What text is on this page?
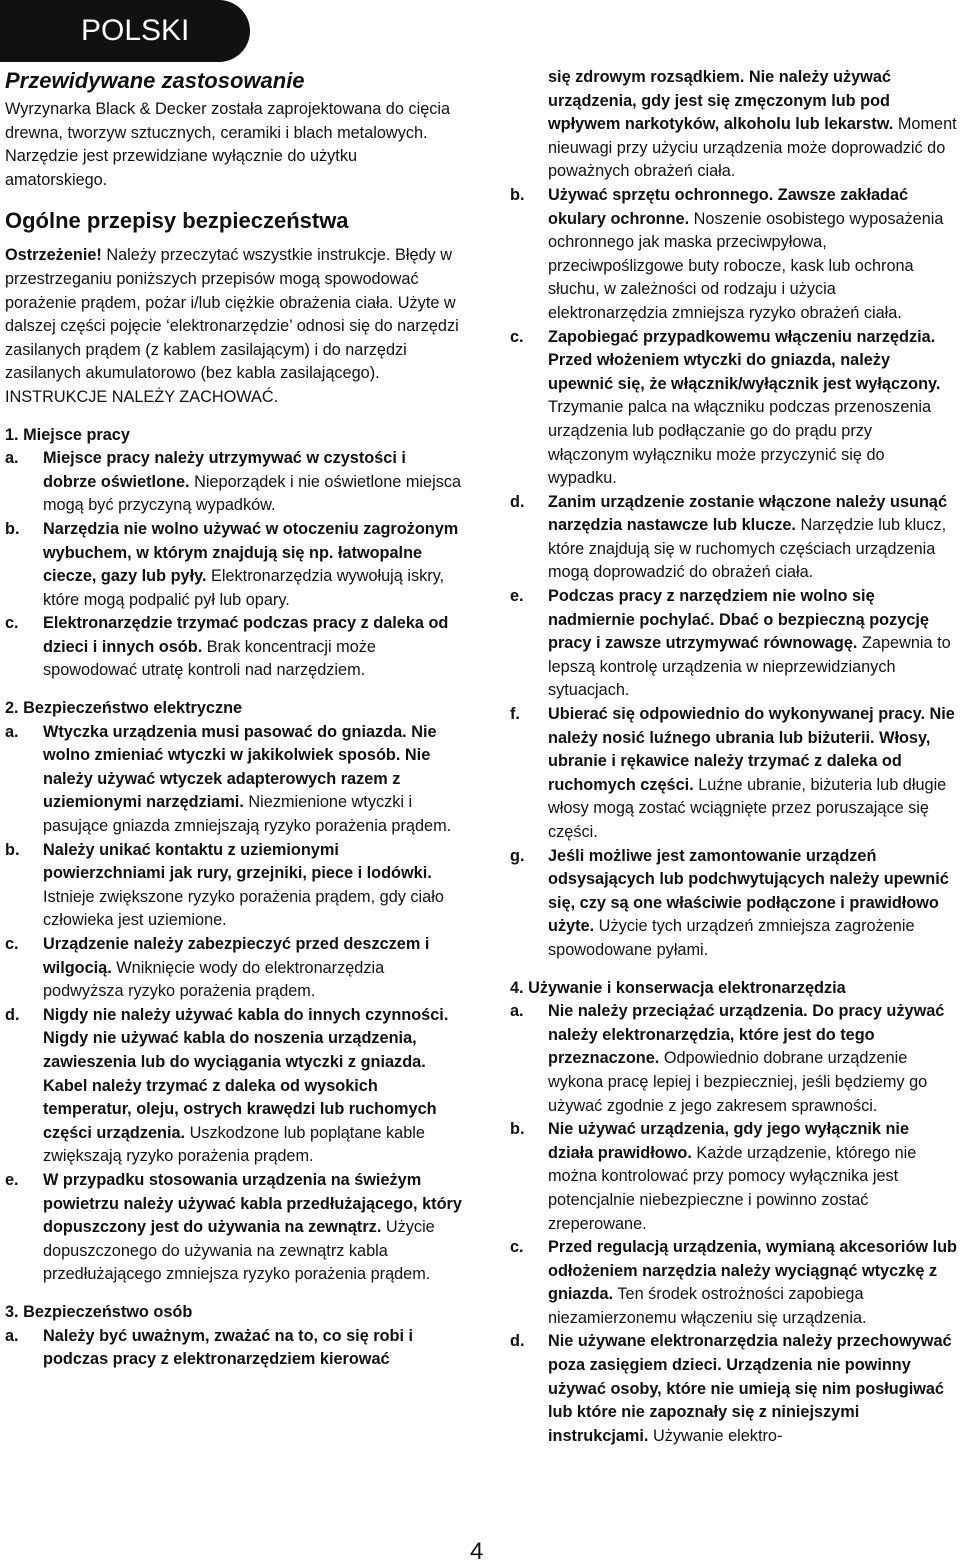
POLSKI
Przewidywane zastosowanie

Wyrzynarka Black & Decker została zaprojektowana do cięcia drewna, tworzyw sztucznych, ceramiki i blach metalowych. Narzędzie jest przewidziane wyłącznie do użytku amatorskiego.

Ogólne przepisy bezpieczeństwa

Ostrzeżenie! Należy przeczytać wszystkie instrukcje. Błędy w przestrzeganiu poniższych przepisów mogą spowodować porażenie prądem, pożar i/lub ciężkie obrażenia ciała. Użyte w dalszej części pojęcie ‘elektronarzędzie’ odnosi się do narzędzi zasilanych prądem (z kablem zasilającym) i do narzędzi zasilanych akumulatorowo (bez kabla zasilającego).

INSTRUKCJE NALEŻY ZACHOWAĆ.

1. Miejsce pracy

a. Miejsce pracy należy utrzymywać w czystości i dobrze oświetlone. Nieporządek i nie oświetlone miejsca mogą być przyczyną wypadków.
b. Narzędzia nie wolno używać w otoczeniu zagrożonym wybuchem, w którym znajdują się np. łatwopalne ciecze, gazy lub pyły. Elektronarzędzia wywołują iskry, które mogą podpalić pył lub opary.
c. Elektronarzędzie trzymać podczas pracy z daleka od dzieci i innych osób. Brak koncentracji może spowodować utratę kontroli nad narzędziem.

2. Bezpieczeństwo elektryczne

a. Wtyczka urządzenia musi pasować do gniazda. Nie wolno zmieniać wtyczki w jakikolwiek sposób. Nie należy używać wtyczek adapterowych razem z uziemionymi narzędziami. Niezmienione wtyczki i pasujące gniazda zmniejszają ryzyko porażenia prądem.
b. Należy unikać kontaktu z uziemionymi powierzchniami jak rury, grzejniki, piece i lodówki. Istnieje zwiększone ryzyko porażenia prądem, gdy ciało człowieka jest uziemione.
c. Urządzenie należy zabezpieczyć przed deszczem i wilgocią. Wniknięcie wody do elektronarzędzia podwyższa ryzyko porażenia prądem.
d. Nigdy nie należy używać kabla do innych czynności. Nigdy nie używać kabla do noszenia urządzenia, zawieszenia lub do wyciągania wtyczki z gniazda. Kabel należy trzymać z daleka od wysokich temperatur, oleju, ostrych krawędzi lub ruchomych części urządzenia. Uszkodzone lub poplątane kable zwiększają ryzyko porażenia prądem.
e. W przypadku stosowania urządzenia na świeżym powietrzu należy używać kabla przedłużającego, który dopuszczony jest do używania na zewnątrz. Użycie dopuszczonego do używania na zewnątrz kabla przedłużającego zmniejsza ryzyko porażenia prądem.

3. Bezpieczeństwo osób

a. Należy być uważnym, zważać na to, co się robi i podczas pracy z elektronarzędziem kierować
się zdrowym rozsądkiem. Nie należy używać urządzenia, gdy jest się zmęczonym lub pod wpływem narkotyków, alkoholu lub lekarstw. Moment nieuwagi przy użyciu urządzenia może doprowadzić do poważnych obrażeń ciała.
b. Używać sprzętu ochronnego. Zawsze zakładać okulary ochronne. Noszenie osobistego wyposażenia ochronnego jak maska przeciwpyłowa, przeciwpoślizgowe buty robocze, kask lub ochrona słuchu, w zależności od rodzaju i użycia elektronarzędzia zmniejsza ryzyko obrażeń ciała.
c. Zapobiegać przypadkowemu włączeniu narzędzia. Przed włożeniem wtyczki do gniazda, należy upewnić się, że włącznik/wyłącznik jest wyłączony. Trzymanie palca na włączniku podczas przenoszenia urządzenia lub podłączanie go do prądu przy włączonym wyłączniku może przyczynić się do wypadku.
d. Zanim urządzenie zostanie włączone należy usunąć narzędzia nastawcze lub klucze. Narzędzie lub klucz, które znajdują się w ruchomych częściach urządzenia mogą doprowadzić do obrażeń ciała.
e. Podczas pracy z narzędziem nie wolno się nadmiernie pochylać. Dbać o bezpieczną pozycję pracy i zawsze utrzymywać równowagę. Zapewnia to lepszą kontrolę urządzenia w nieprzewidzianych sytuacjach.
f. Ubierać się odpowiednio do wykonywanej pracy. Nie należy nosić luźnego ubrania lub biżuterii. Włosy, ubranie i rękawice należy trzymać z daleka od ruchomych części. Luźne ubranie, biżuteria lub długie włosy mogą zostać wciągnięte przez poruszające się części.
g. Jeśli możliwe jest zamontowanie urządzeń odsysających lub podchwytujących należy upewnić się, czy są one właściwie podłączone i prawidłowo użyte. Użycie tych urządzeń zmniejsza zagrożenie spowodowane pyłami.

4. Używanie i konserwacja elektronarzędzia

a. Nie należy przeciążać urządzenia. Do pracy używać należy elektronarzędzia, które jest do tego przeznaczone. Odpowiednio dobrane urządzenie wykona pracę lepiej i bezpieczniej, jeśli będziemy go używać zgodnie z jego zakresem sprawności.
b. Nie używać urządzenia, gdy jego wyłącznik nie działa prawidłowo. Każde urządzenie, którego nie można kontrolować przy pomocy wyłącznika jest potencjalnie niebezpieczne i powinno zostać zreperowane.
c. Przed regulacją urządzenia, wymianą akcesoriów lub odłożeniem narzędzia należy wyciągnąć wtyczkę z gniazda. Ten środek ostrożności zapobiega niezamierzonemu włączeniu się urządzenia.
d. Nie używane elektronarzędzia należy przechowywać poza zasięgiem dzieci. Urządzenia nie powinny używać osoby, które nie umieją się nim posługiwać lub które nie zapoznały się z niniejszymi instrukcjami. Używanie elektro-
4
